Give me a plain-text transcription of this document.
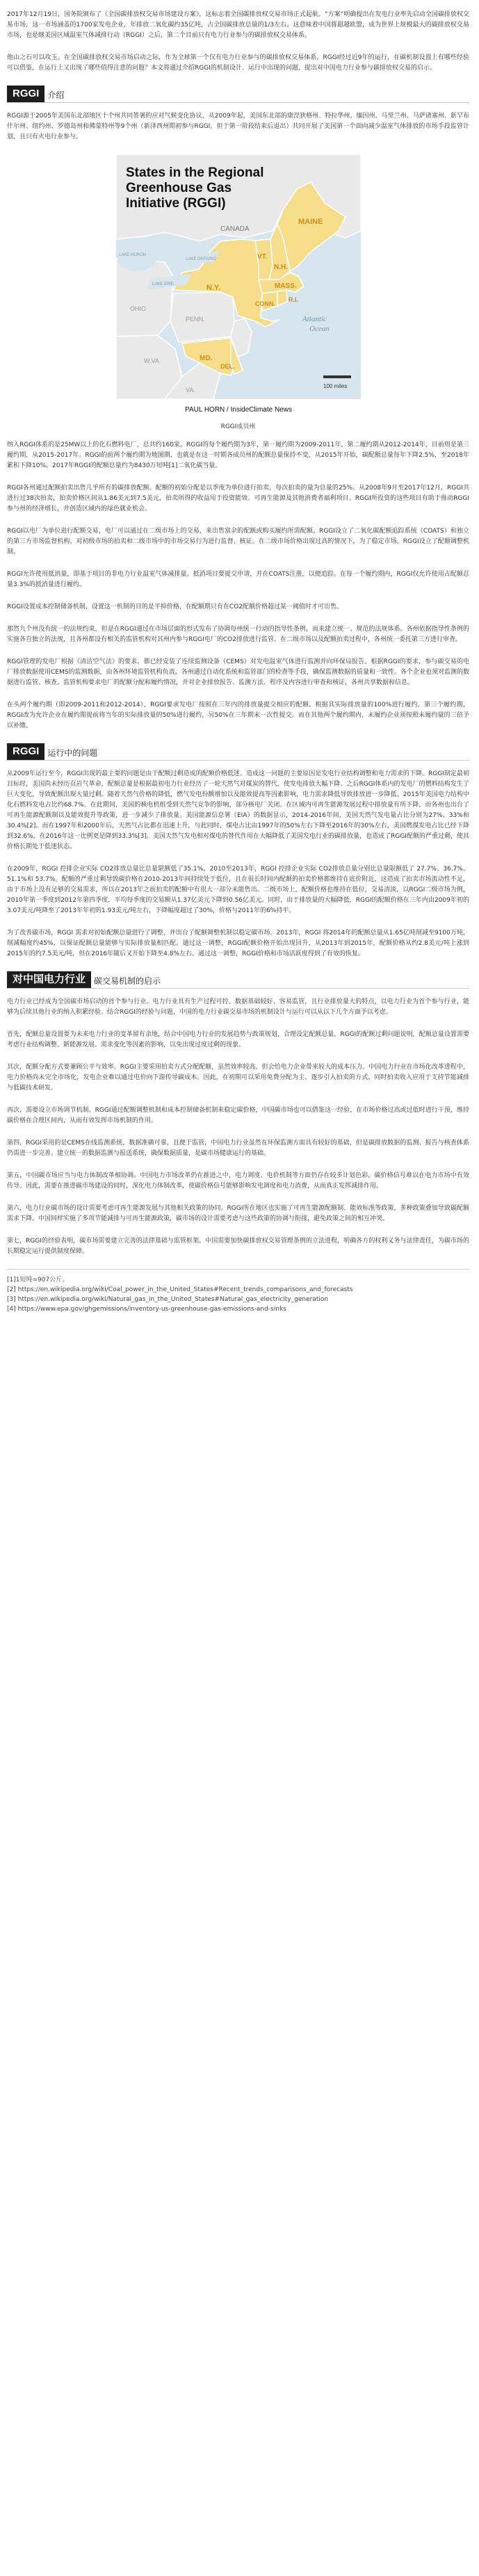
2017年12月19日，国务院颁布了《全国碳排放权交易市场建设方案》，这标志着全国碳排放权交易市场正式起航。“方案”明确提出在发电行业率先启动全国碳排放权交易市场，这一市场涵盖的1700家发电企业，年排放二氧化碳约35亿吨，占全国碳排放总量的1/3左右。这意味着中国将超越欧盟，成为世界上规模最大的碳排放权交易市场，也是继美国区域温室气体减排行动（RGGI）之后，第二个目前只有电力行业参与的碳排放权交易体系。

他山之石可以攻玉。在全国碳排放权交易市场启动之际，作为全球第一个仅有电力行业参与的碳排放权交易体系，RGGI经过近9年的运行，在碳机制设置上有哪些经验可以借鉴，在运行上又出现了哪些值得注意的问题？本文将通过介绍RGGI的机制设计、运行中出现的问题，提出对中国电力行业参与碳排放权交易的启示。

RGGI	介绍

RGGI源于2005年美国东北部地区十个州共同签署的应对气候变化协议，从2009年起，美国东北部的康涅狄格州、特拉华州、缅因州、马里兰州、马萨诸塞州、新罕布什尔州、纽约州、罗德岛州和佛蒙特州等9个州（新泽西州期初参与RGGI，但于第一阶段结束后退出）共同开展了美国第一个面向减少温室气体排放的市场手段监管计划，且只有火电行业参与。

States in the Regional
Greenhouse Gas
Initiative (RGGI)
CANADA
MAINE
VT.
N.H.
N.Y.	MASS.
R.I.
CONN.
MD.
DEL.
PENN.
OHIO
W.VA.
VA.
LAKE HURON
LAKE ERIE
LAKE ONTARIO
Atlantic
Ocean
100 miles
PAUL HORN / InsideClimate News
RGGI成员州

纳入RGGI体系的是25MW以上的化石燃料电厂，总共约160家。RGGI的每个履约期为3年，第一履约期为2009-2011年，第二履约期从2012-2014年，目前则是第三履约期，从2015-2017年。RGGI的前两个履约期为地图期，也就是在这一时期各成员州的配额总量保持不变，从2015年开始，碳配额总量每年下降2.5%，至2018年累积下降10%。2017年RGGI的配额总量约为8430万短吨[1]二氧化碳当量。

RGGI各州通过配额拍卖出售几乎所有的碳排放配额。配额的初始分配是以季度为单位进行拍卖，每次拍卖的量为总量的25%。从2008年9月至2017年12月，RGGI共进行过38次拍卖，拍卖价格区间从1.86美元到7.5美元，拍卖所得的收益用于投资能效、可再生能源及其他消费者福利项目。RGGI所投资的这些项目有助于推动RGGI参与州的经济增长，并创造区域内的绿色就业机会。

RGGI以电厂为单位进行配额交易，电厂可以通过在二级市场上的交易，来出售富余的配额或购买履约所需配额。RGGI设立了二氧化碳配额追踪系统（COATS）和独立的第三方市场监督机构，对初级市场的拍卖和二级市场中的市场交易行为进行监督、核证。在二级市场价格出现过高的情况下，为了稳定市场，RGGI设立了配额调整机制。

RGGI允许使用抵消量，即基于项目的非电力行业温室气体减排量。抵消项目要提交申请，并在COATS注册，以便追踪。在每一个履约期内，RGGI仅允许使用占配额总量3.3%的抵消量进行履约。

RGGI设置成本控制储备机制，设置这一机制的目的是平抑价格，在配额期只有在CO2配额价格超过某一阈值时才可出售。

那然九个州没有统一的法规约束，但是在RGGI通过在市场层面的形式发布了协调每州统一行动的指导性条例，而来建立统一、规范的法规体系。各州依据指导性条例的实施各自独立的法规，且各州都设有相关的监管机构对其州内参与RGGI电厂的CO2排放进行监管。在二级市场以及配额拍卖过程中，各州统一委托第三方进行审查。

RGGI管理的发电厂根据《清洁空气法》的要求，都已经安装了连续监测设备（CEMS）对发电温室气体进行监测并向环保局报告。根据RGGI的要求，参与碳交易的电厂排放数据使用CEMS的监测数据，由各州环境监管机构负责。各州通过自动化系统和监管部门的检查等手段，确保监测数据的质量和一致性。各个企业也须对监测的数据进行监管、核查。监管机构要求电厂的配额分配和履约情况，并对企业排放报告、监测方法、程序及内容进行审查和核证，各州共享数据和信息。

在头两个履约期（即2009-2011和2012-2014），RGGI要求发电厂按照在三年内的排放量提交相应的配额。根据其实际排放量的100%进行履约，第三个履约期，RGGI改为允许企业在履约期提前将当年的实际排放量的50%进行履约，另50%在三年期末一次性提交。而在其他两个履约期内，未履约企业须按照未履约量的三倍予以补缴。

RGGI	运行中的问题

从2009年运行至今，RGGI出现的最主要的问题是由于配额过剩造成的配额价格低迷。造成这一问题的主要原因是发电行业结构调整和电力需求的下降。RGGI制定最初目标时，美国尚未经历页岩气革命，配额总量是根据最初电力行业经历了一轮天然气对煤炭的替代，使发电排放大幅下降。之后RGGI体系内的发电厂的燃料结构发生了巨大变化，导致配额出现大量过剩。随着天然气价格的降低，燃气发电份额增加以及能效提高等因素影响，电力需求降低导致排放进一步降低。2015年美国电力结构中化石燃料发电占比约68.7%。在此期间，美国的核电机组受到天然气竞争的影响，部分核电厂关闭。在区域内可再生能源发展过程中排放量有所下降，而各州也出台了可再生能源配额制以及能效提升等政策，进一步减少了排放量。美国能源信息署（EIA）的数据显示，2014-2016年间，美国天然气发电量占比分别为27%、33%和30.4%[2]。而在1997年和2000年后，天然气占比都在迅速上升，与此同时，煤电占比由1997年的50%左右下降至2016年的30%左右，美国燃煤发电占比已经下降到32.6%，在2016年这一比例更是降到33.3%[3]。美国天然气发电相对煤电的替代作用在大幅降低了美国发电行业的碳排放量，也造成了RGGI配额的严重过剩，使其价格长期处于低迷状态。

在2009年，RGGI 控排企业实际 CO2排放总量比总量限额低了35.1%，2010至2013年，RGGI 控排企业实际 CO2排放总量分别比总量限额低了 27.7%、36.7%、51.1%和 53.7%。配额的严重过剩导致碳价格在2010-2013年间持续处于低位，且在很长时间内配额的拍卖价格都维持在底价附近，这造成了拍卖市场流动性不足，由于市场上没有足够的交易需求，所以在2013年之前拍卖的配额中有很大一部分未能售出。二级市场上，配额价格也维持在低位，交易清淡，以RGGI二级市场为例，2010年第一季度到2012年第四季度，平均每季度的交易额从1.37亿美元下降到0.56亿美元。同时，由于排放量的大幅降低，RGGI的配额价格在三年内由2009年初的3.07美元/吨降至了2013年年初的1.93美元/吨左右，下降幅度超过了30%，价格与2011年的6%持平。

为了改善碳市场，RGGI 需求对初始配额总量进行了调整，并出台了配额调整机制以稳定碳市场。2013年，RGGI 将2014年的配额总量从1.65亿吨削减至9100万吨，削减幅度约45%，以保证配额总量能够与实际排放量相匹配。通过这一调整，RGGI配额价格开始出现回升，从2013年到2015年，配额价格从约2.8美元/吨上涨到2015年的约7.5美元/吨，但在2016年随后又开始下降至4.8%左右。通过这一调整，RGGI价格和市场活跃度得到了有效的恢复。

对中国电力行业	碳交易机制的启示

电力行业已经成为全国碳市场启动的首个参与行业。电力行业具有生产过程可控、数据基础较好、容易监管，且行业排放量大的特点，以电力行业为首个参与行业，能够为后续其他行业的纳入积累经验。结合RGGI的经验与问题，中国的电力行业碳交易市场的机制设计与运行可以从以下几个方面予以考虑。

首先，配额总量设置要为未来电力行业的变革留有余地，结合中国电力行业的发展趋势与政策规划，合理设定配额总量。RGGI的配额过剩问题说明，配额总量设置需要考虑行业结构调整、新能源发展、需求变化等因素的影响，以免出现过度过剩的现象。

其次，配额分配方式要兼顾公平与效率。RGGI主要采用拍卖方式分配配额，虽然效率较高，但会给电力企业带来较大的成本压力。中国电力行业在市场化改革进程中，电力价格尚未完全市场化，发电企业难以通过电价向下游传导碳成本。因此，在初期可以采用免费分配为主、逐步引入拍卖的方式，同时拍卖收入应用于支持节能减排与低碳技术研发。

再次，需要设立市场调节机制。RGGI通过配额调整机制和成本控制储备机制来稳定碳价格，中国碳市场也可以借鉴这一经验，在市场价格过高或过低时进行干预，维持碳价格在合理区间内，从而有效发挥市场机制的作用。

第四，RGGI采用的是CEMS在线监测系统，数据准确可靠，且便于监管，中国电力行业虽然在环保监测方面具有较好的基础，但是碳排放数据的监测、报告与核查体系仍需进一步完善。建立统一的数据监测与报送系统，确保数据质量，是碳市场健康运行的基础。

第五，中国碳市场应当与电力体制改革相协调。中国电力市场改革仍在推进之中，电力调度、电价机制等方面仍存在较多计划色彩，碳价格信号难以在电力市场中有效传导。因此，需要在推进碳市场建设的同时，深化电力体制改革，使碳价格信号能够影响发电调度和电力消费，从而真正发挥减排作用。

第六，电力行业碳市场的设计需要考虑可再生能源发展与其他相关政策的协同。RGGI所在地区也实施了可再生能源配额制、能效标准等政策，多种政策叠加导致碳配额需求下降。中国同样实施了多项节能减排与可再生能源政策，碳市场的设计需要考虑与这些政策的协调与衔接，避免政策之间的相互冲突。

第七，RGGI的经验表明，碳市场需要建立完善的法律基础与监管框架。中国需要加快碳排放权交易管理条例的立法进程，明确各方的权利义务与法律责任，为碳市场的长期稳定运行提供制度保障。

[1]1短吨=907公斤。
[2] https://en.wikipedia.org/wiki/Coal_power_in_the_United_States#Recent_trends_comparisons_and_forecasts
[3] https://en.wikipedia.org/wiki/Natural_gas_in_the_United_States#Natural_gas_electricity_generation
[4] https://www.epa.gov/ghgemissions/inventory-us-greenhouse-gas-emissions-and-sinks
